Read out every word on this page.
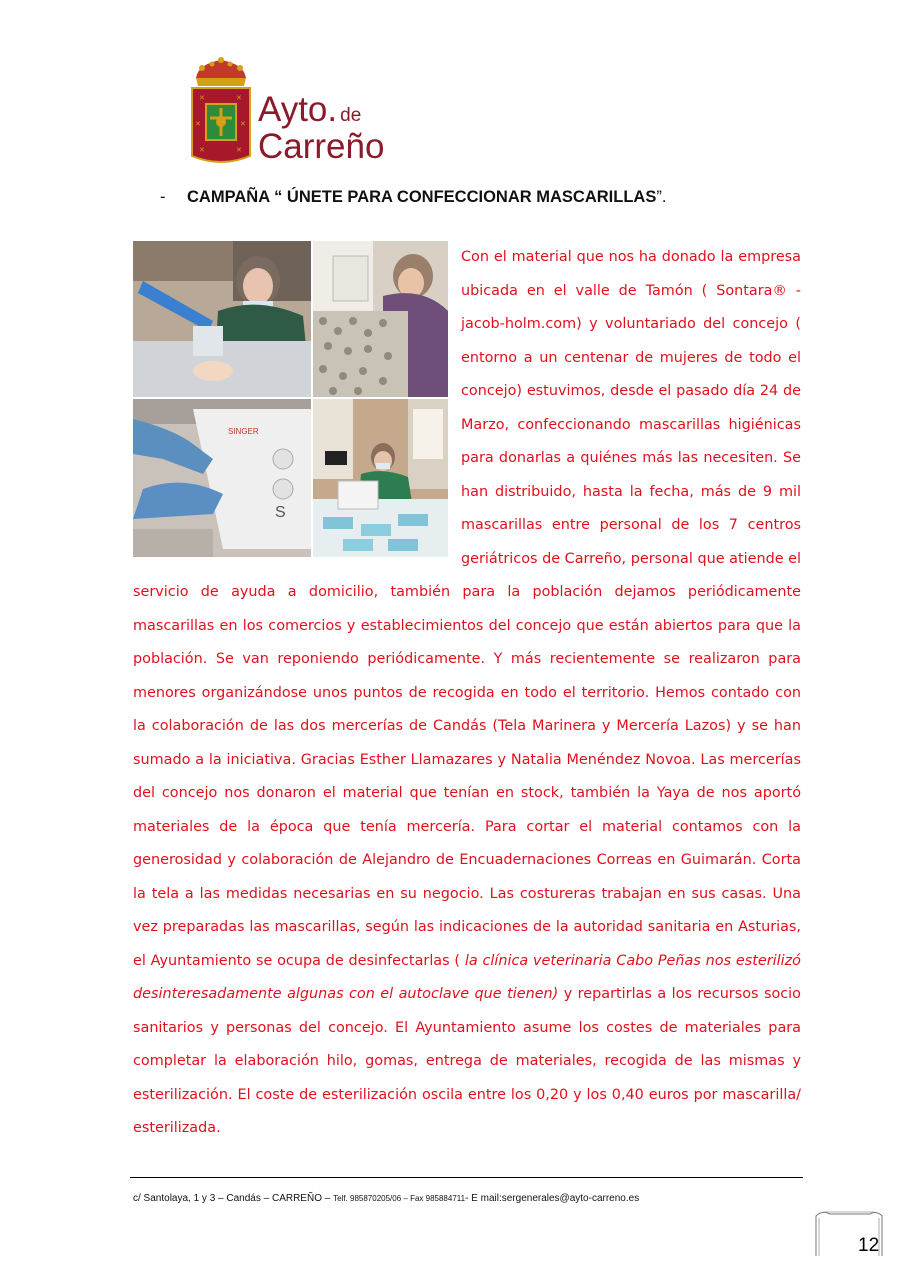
✕	✕
✕	✕
✕	✕ Ayto. de
Carreño
- CAMPAÑA “ ÚNETE PARA CONFECCIONAR MASCARILLAS”.
SINGER
S

Con el material que nos ha donado la empresa ubicada en el valle de Tamón ( Sontara® - jacob-holm.com) y voluntariado del concejo ( entorno a un centenar de mujeres de todo el concejo) estuvimos, desde el pasado día 24 de Marzo, confeccionando mascarillas higiénicas para donarlas a quiénes más las necesiten. Se han distribuido, hasta la fecha, más de 9 mil mascarillas entre personal de los 7 centros geriátricos de Carreño, personal que atiende el servicio de ayuda a domicilio, también para la población dejamos periódicamente mascarillas en los comercios y establecimientos del concejo que están abiertos para que la población. Se van reponiendo periódicamente. Y más recientemente se realizaron para menores organizándose unos puntos de recogida en todo el territorio. Hemos contado con la colaboración de las dos mercerías de Candás (Tela Marinera y Mercería Lazos) y se han sumado a la iniciativa. Gracias Esther Llamazares y Natalia Menéndez Novoa. Las mercerías del concejo nos donaron el material que tenían en stock, también la Yaya de nos aportó materiales de la época que tenía mercería. Para cortar el material contamos con la generosidad y colaboración de Alejandro de Encuadernaciones Correas en Guimarán. Corta la tela a las medidas necesarias en su negocio. Las costureras trabajan en sus casas. Una vez preparadas las mascarillas, según las indicaciones de la autoridad sanitaria en Asturias, el Ayuntamiento se ocupa de desinfectarlas ( la clínica veterinaria Cabo Peñas nos esterilizó desinteresadamente algunas con el autoclave que tienen) y repartirlas a los recursos socio sanitarios y personas del concejo. El Ayuntamiento asume los costes de materiales para completar la elaboración hilo, gomas, entrega de materiales, recogida de las mismas y esterilización. El coste de esterilización oscila entre los 0,20 y los 0,40 euros por mascarilla/ esterilizada.

c/ Santolaya, 1 y 3 – Candás – CARREÑO – Telf. 985870205/06 – Fax 985884711- E mail:sergenerales@ayto-carreno.es
12
